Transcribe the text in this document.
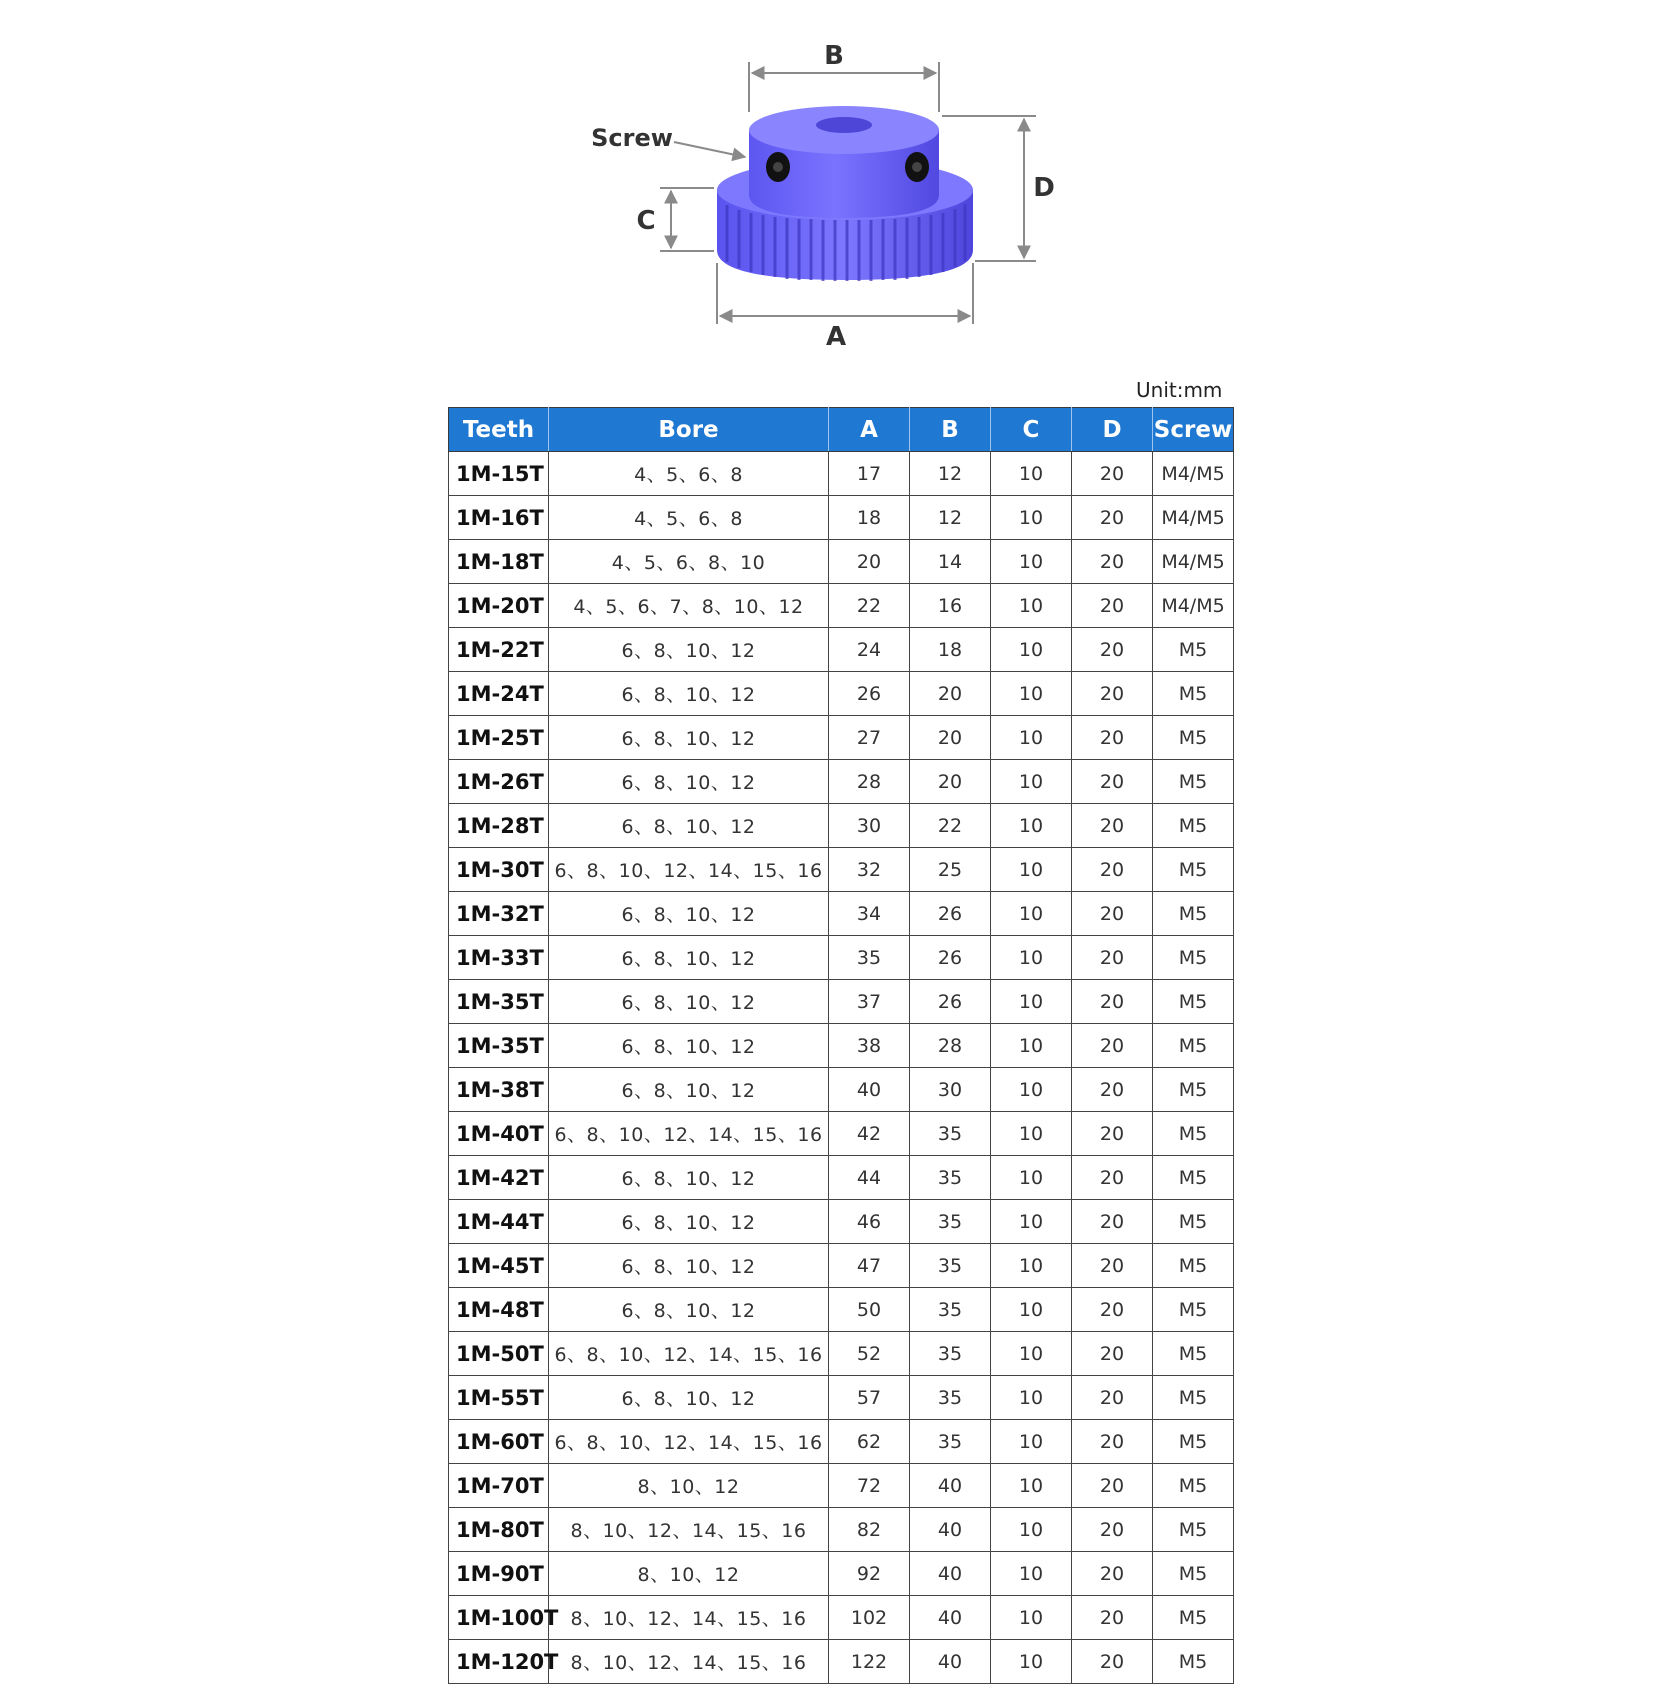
B
D
C
A
Screw
Unit:mm
Teeth	Bore	A	B	C	D	Screw
1M-15T	4、5、6、8	17	12	10	20	M4/M5
1M-16T	4、5、6、8	18	12	10	20	M4/M5
1M-18T	4、5、6、8、10	20	14	10	20	M4/M5
1M-20T	4、5、6、7、8、10、12	22	16	10	20	M4/M5
1M-22T	6、8、10、12	24	18	10	20	M5
1M-24T	6、8、10、12	26	20	10	20	M5
1M-25T	6、8、10、12	27	20	10	20	M5
1M-26T	6、8、10、12	28	20	10	20	M5
1M-28T	6、8、10、12	30	22	10	20	M5
1M-30T	6、8、10、12、14、15、16	32	25	10	20	M5
1M-32T	6、8、10、12	34	26	10	20	M5
1M-33T	6、8、10、12	35	26	10	20	M5
1M-35T	6、8、10、12	37	26	10	20	M5
1M-35T	6、8、10、12	38	28	10	20	M5
1M-38T	6、8、10、12	40	30	10	20	M5
1M-40T	6、8、10、12、14、15、16	42	35	10	20	M5
1M-42T	6、8、10、12	44	35	10	20	M5
1M-44T	6、8、10、12	46	35	10	20	M5
1M-45T	6、8、10、12	47	35	10	20	M5
1M-48T	6、8、10、12	50	35	10	20	M5
1M-50T	6、8、10、12、14、15、16	52	35	10	20	M5
1M-55T	6、8、10、12	57	35	10	20	M5
1M-60T	6、8、10、12、14、15、16	62	35	10	20	M5
1M-70T	8、10、12	72	40	10	20	M5
1M-80T	8、10、12、14、15、16	82	40	10	20	M5
1M-90T	8、10、12	92	40	10	20	M5
1M-100T	8、10、12、14、15、16	102	40	10	20	M5
1M-120T	8、10、12、14、15、16	122	40	10	20	M5
